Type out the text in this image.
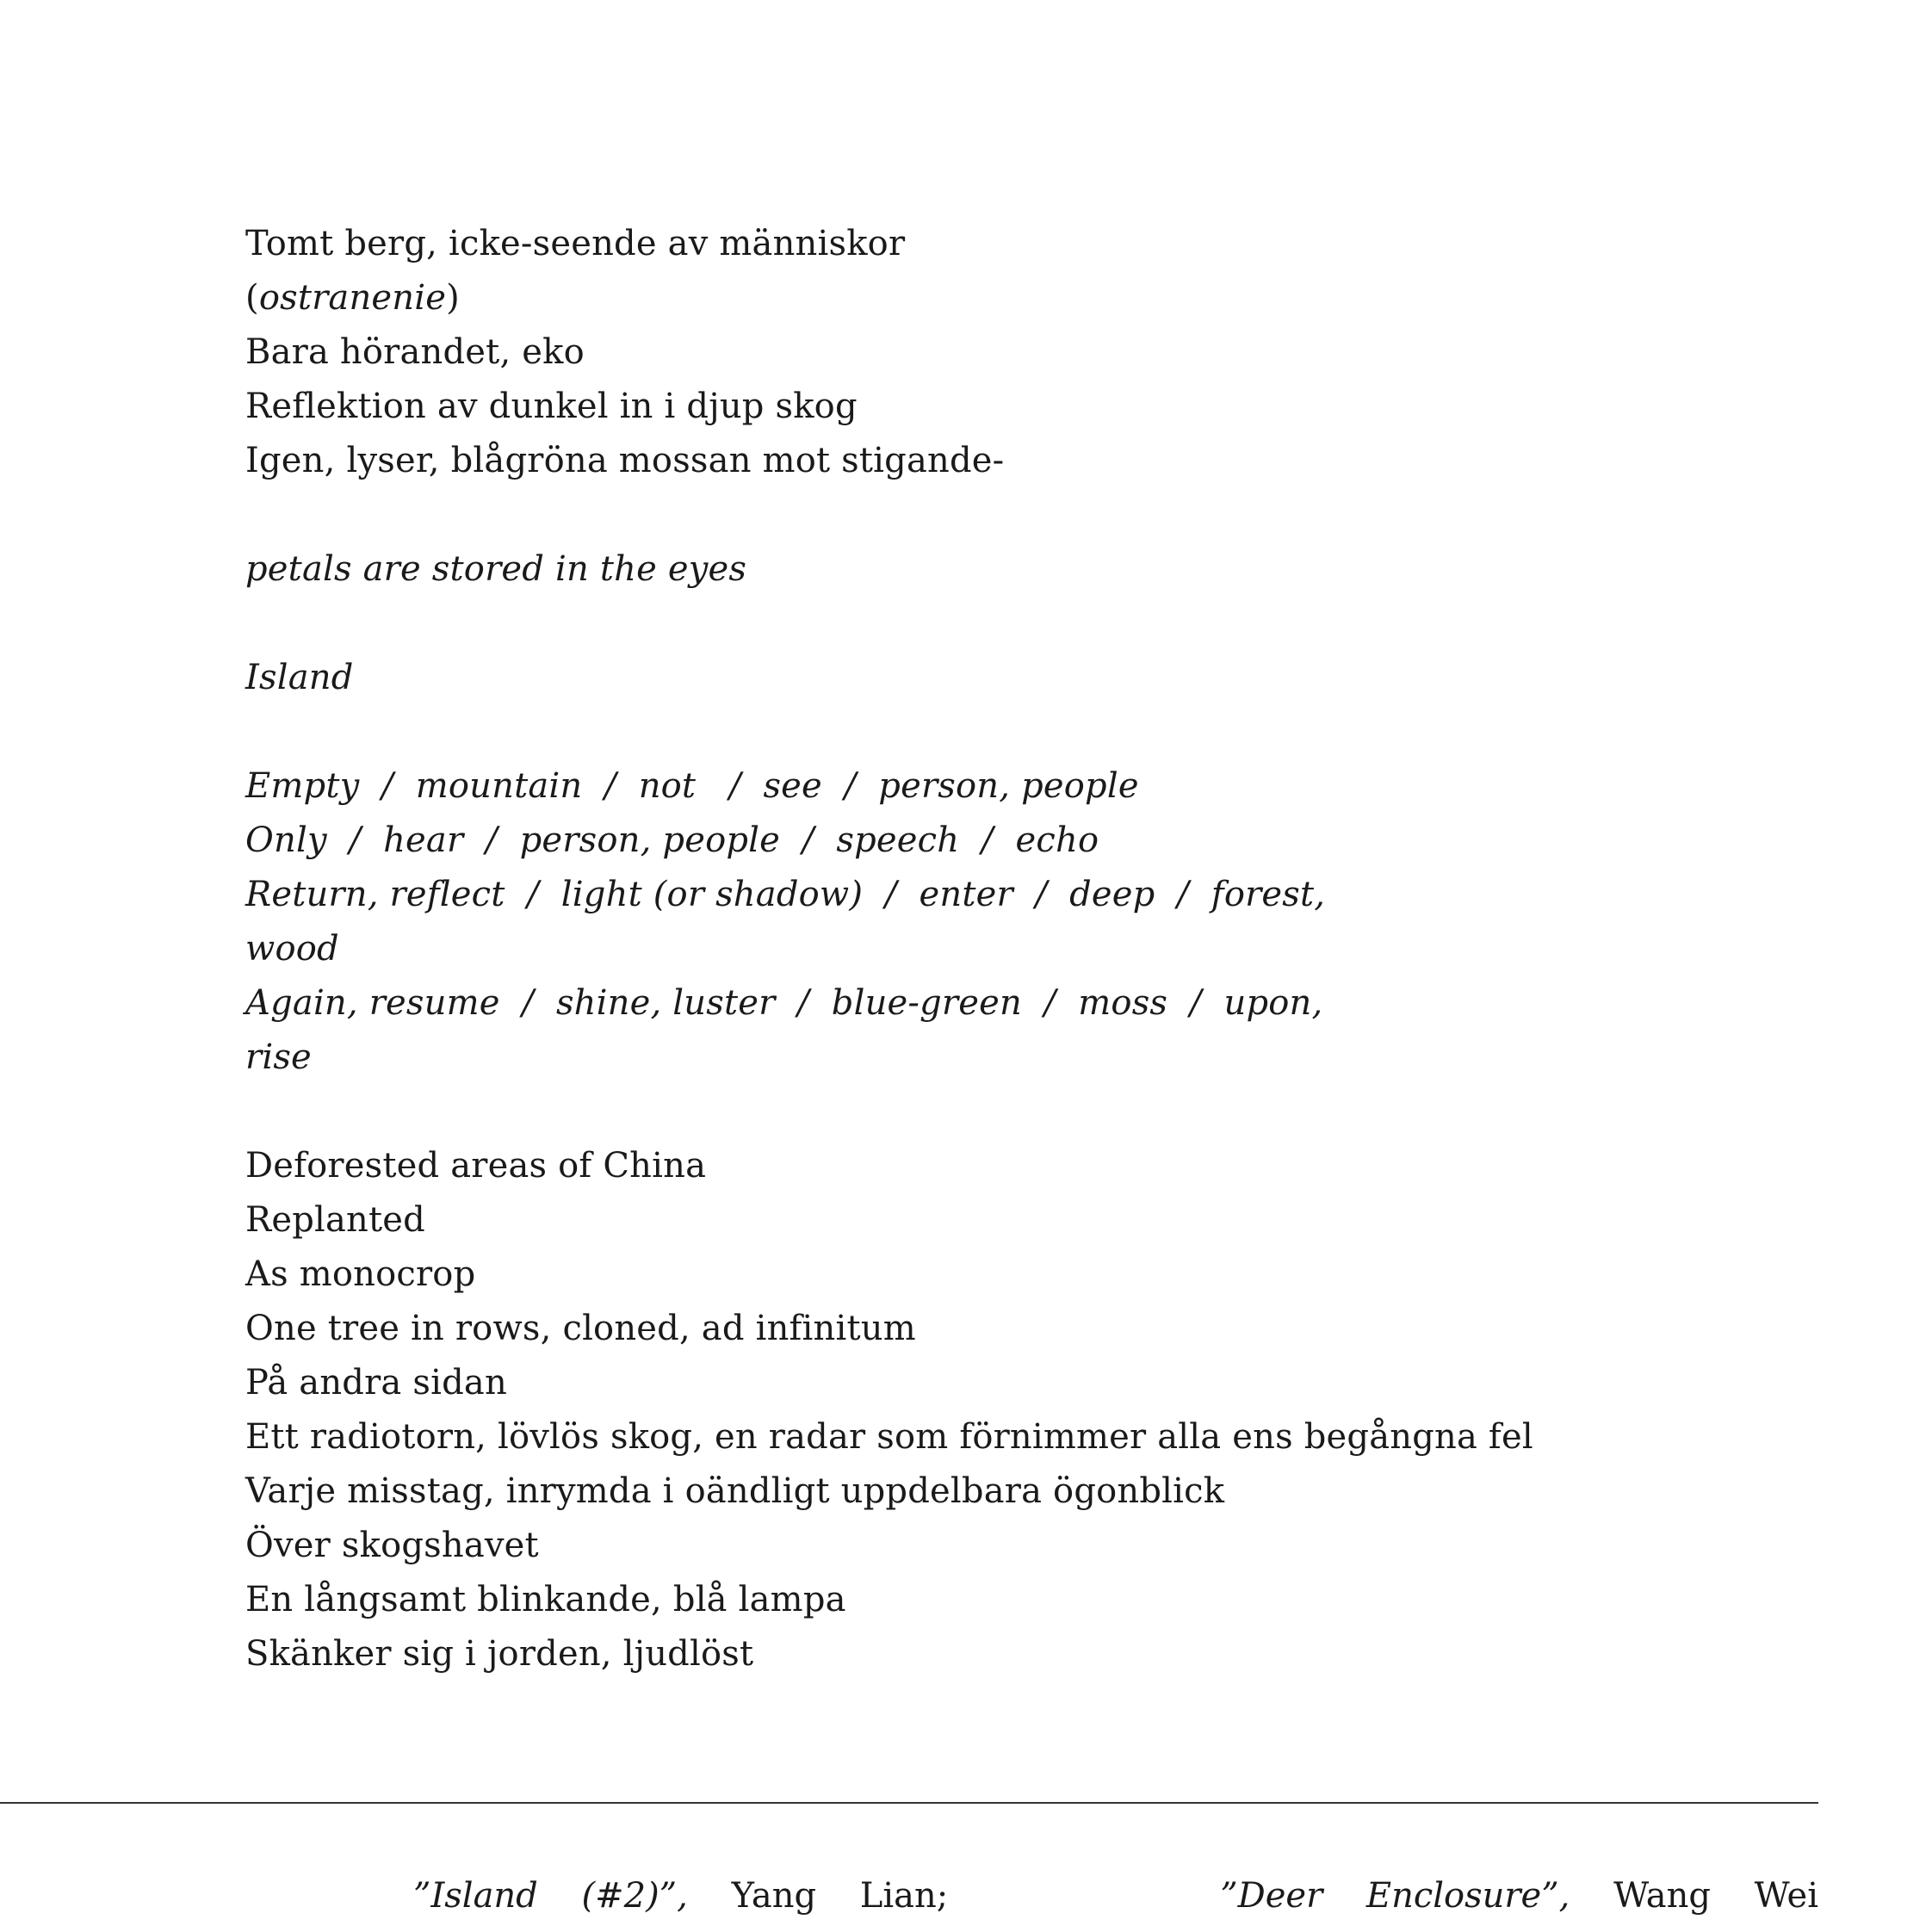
Tomt berg, icke-seende av människor
(ostranenie)
Bara hörandet, eko
Reflektion av dunkel in i djup skog
Igen, lyser, blågröna mossan mot stigande-
petals are stored in the eyes
Island
Empty  /  mountain  /  not   /  see  /  person, people
Only  /  hear  /  person, people  /  speech  /  echo
Return, reflect  /  light (or shadow)  /  enter  /  deep  /  forest,
wood
Again, resume  /  shine, luster  /  blue-green  /  moss  /  upon,
rise
Deforested areas of China
Replanted
As monocrop
One tree in rows, cloned, ad infinitum
På andra sidan
Ett radiotorn, lövlös skog, en radar som förnimmer alla ens begångna fel
Varje misstag, inrymda i oändligt uppdelbara ögonblick
Över skogshavet
En långsamt blinkande, blå lampa
Skänker sig i jorden, ljudlöst
”Island (#2)”, Yang Lian;	”Deer Enclosure”, Wang Wei
